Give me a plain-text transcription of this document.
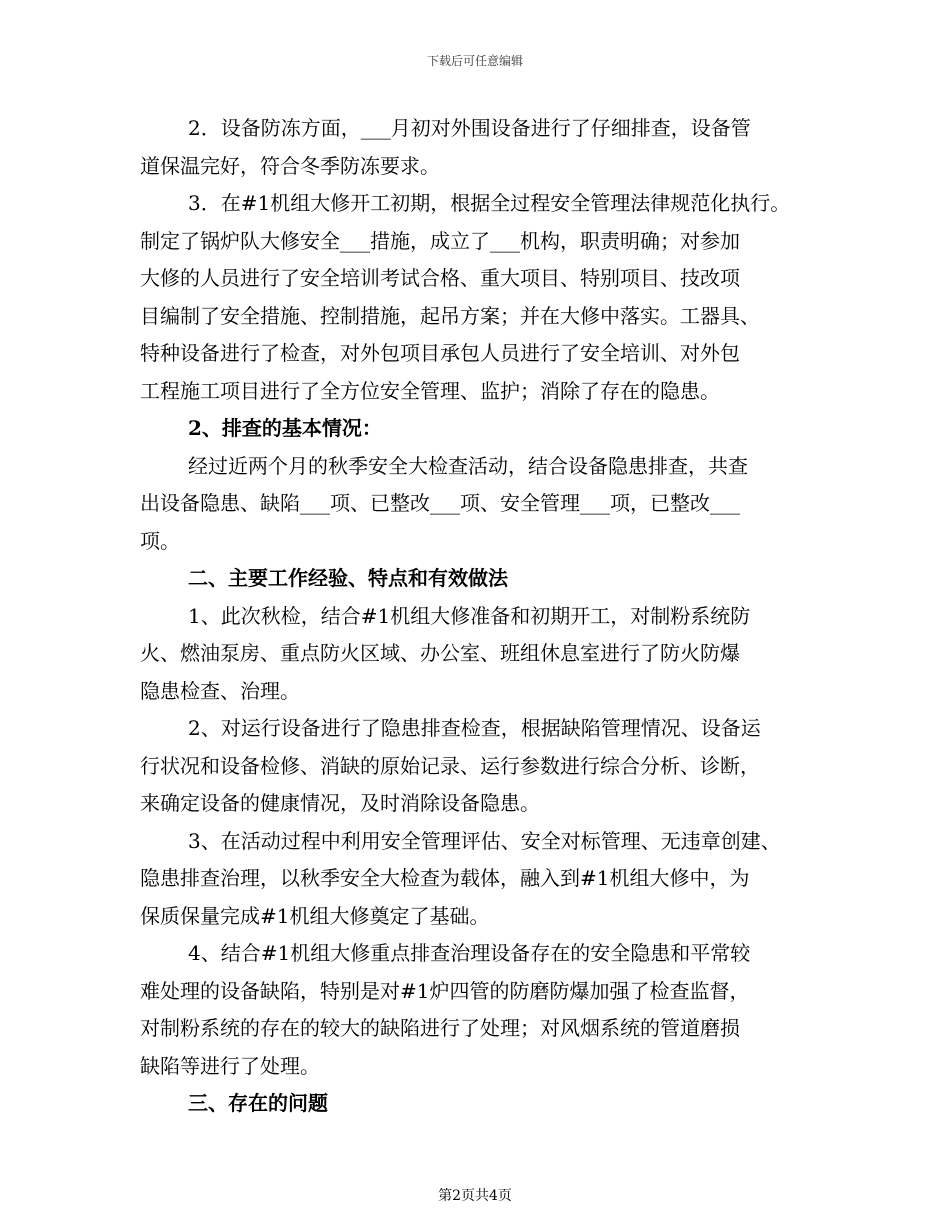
下载后可任意编辑
2．设备防冻方面，___月初对外围设备进行了仔细排查，设备管
道保温完好，符合冬季防冻要求。
3．在#1机组大修开工初期，根据全过程安全管理法律规范化执行。
制定了锅炉队大修安全___措施，成立了___机构，职责明确；对参加
大修的人员进行了安全培训考试合格、重大项目、特别项目、技改项
目编制了安全措施、控制措施，起吊方案；并在大修中落实。工器具、
特种设备进行了检查，对外包项目承包人员进行了安全培训、对外包
工程施工项目进行了全方位安全管理、监护；消除了存在的隐患。
2、排查的基本情况：
经过近两个月的秋季安全大检查活动，结合设备隐患排查，共查
出设备隐患、缺陷___项、已整改___项、安全管理___项，已整改___
项。
二、主要工作经验、特点和有效做法
1、此次秋检，结合#1机组大修准备和初期开工，对制粉系统防
火、燃油泵房、重点防火区域、办公室、班组休息室进行了防火防爆
隐患检查、治理。
2、对运行设备进行了隐患排查检查，根据缺陷管理情况、设备运
行状况和设备检修、消缺的原始记录、运行参数进行综合分析、诊断，
来确定设备的健康情况，及时消除设备隐患。
3、在活动过程中利用安全管理评估、安全对标管理、无违章创建、
隐患排查治理，以秋季安全大检查为载体，融入到#1机组大修中，为
保质保量完成#1机组大修奠定了基础。
4、结合#1机组大修重点排查治理设备存在的安全隐患和平常较
难处理的设备缺陷，特别是对#1炉四管的防磨防爆加强了检查监督，
对制粉系统的存在的较大的缺陷进行了处理；对风烟系统的管道磨损
缺陷等进行了处理。
三、存在的问题
第2页共4页
